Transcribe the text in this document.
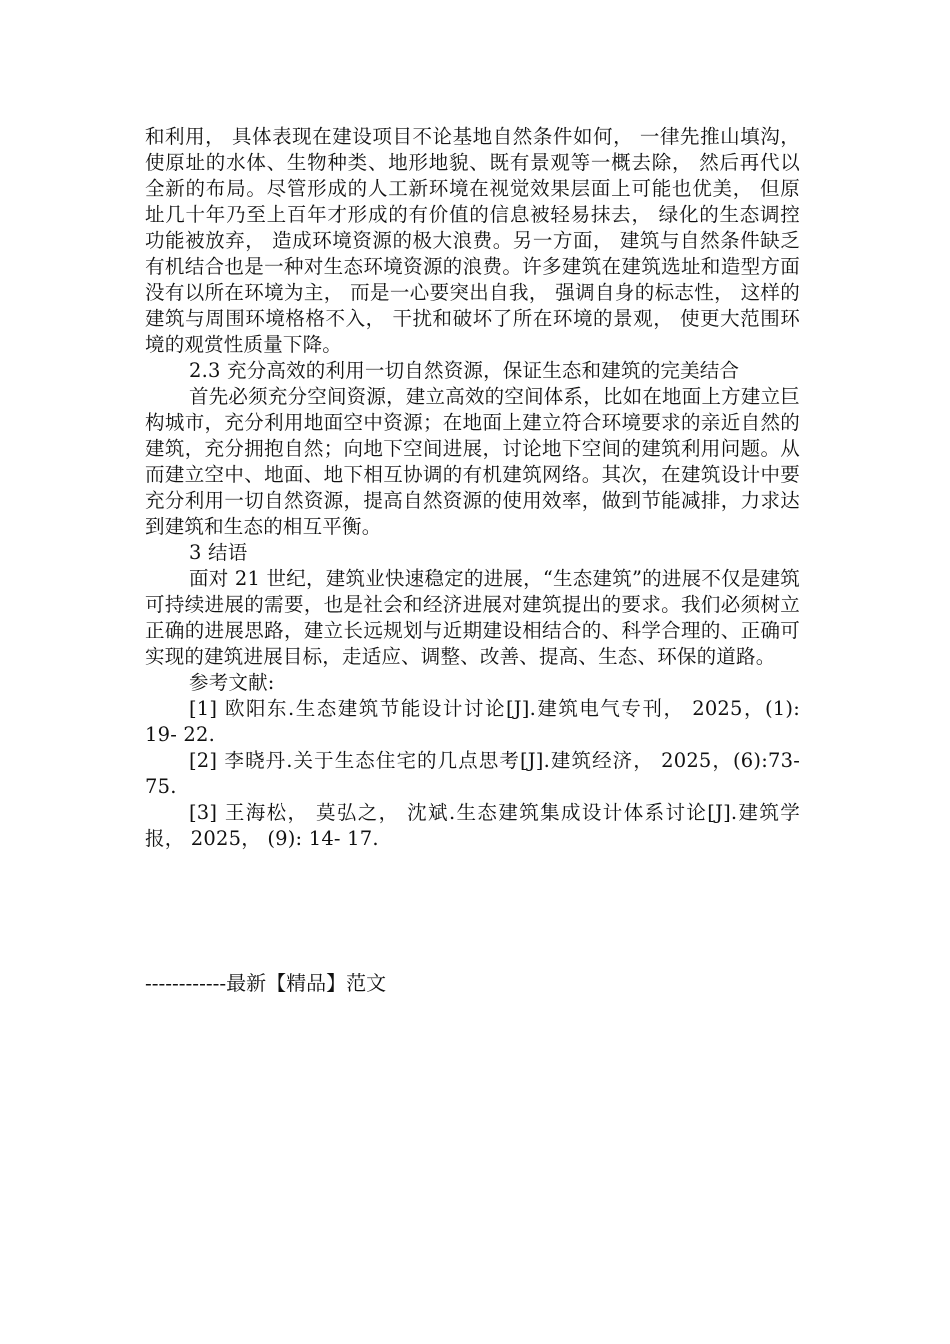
和利用， 具体表现在建设项目不论基地自然条件如何， 一律先推山填沟， 使原址的水体、生物种类、地形地貌、既有景观等一概去除， 然后再代以全新的布局。尽管形成的人工新环境在视觉效果层面上可能也优美， 但原址几十年乃至上百年才形成的有价值的信息被轻易抹去， 绿化的生态调控功能被放弃， 造成环境资源的极大浪费。另一方面， 建筑与自然条件缺乏有机结合也是一种对生态环境资源的浪费。许多建筑在建筑选址和造型方面没有以所在环境为主， 而是一心要突出自我， 强调自身的标志性， 这样的建筑与周围环境格格不入， 干扰和破坏了所在环境的景观， 使更大范围环境的观赏性质量下降。

2.3 充分高效的利用一切自然资源，保证生态和建筑的完美结合

首先必须充分空间资源，建立高效的空间体系，比如在地面上方建立巨构城市，充分利用地面空中资源；在地面上建立符合环境要求的亲近自然的建筑，充分拥抱自然；向地下空间进展，讨论地下空间的建筑利用问题。从而建立空中、地面、地下相互协调的有机建筑网络。其次，在建筑设计中要充分利用一切自然资源，提高自然资源的使用效率，做到节能减排，力求达到建筑和生态的相互平衡。

3 结语

面对 21 世纪，建筑业快速稳定的进展，“生态建筑”的进展不仅是建筑可持续进展的需要，也是社会和经济进展对建筑提出的要求。我们必须树立正确的进展思路，建立长远规划与近期建设相结合的、科学合理的、正确可实现的建筑进展目标，走适应、调整、改善、提高、生态、环保的道路。

参考文献:

[1] 欧阳东.生态建筑节能设计讨论[J].建筑电气专刊， 2025，(1): 19- 22.

[2] 李晓丹.关于生态住宅的几点思考[J].建筑经济， 2025，(6):73- 75.

[3] 王海松， 莫弘之， 沈斌.生态建筑集成设计体系讨论[J].建筑学报， 2025， (9): 14- 17.

------------最新【精品】范文
